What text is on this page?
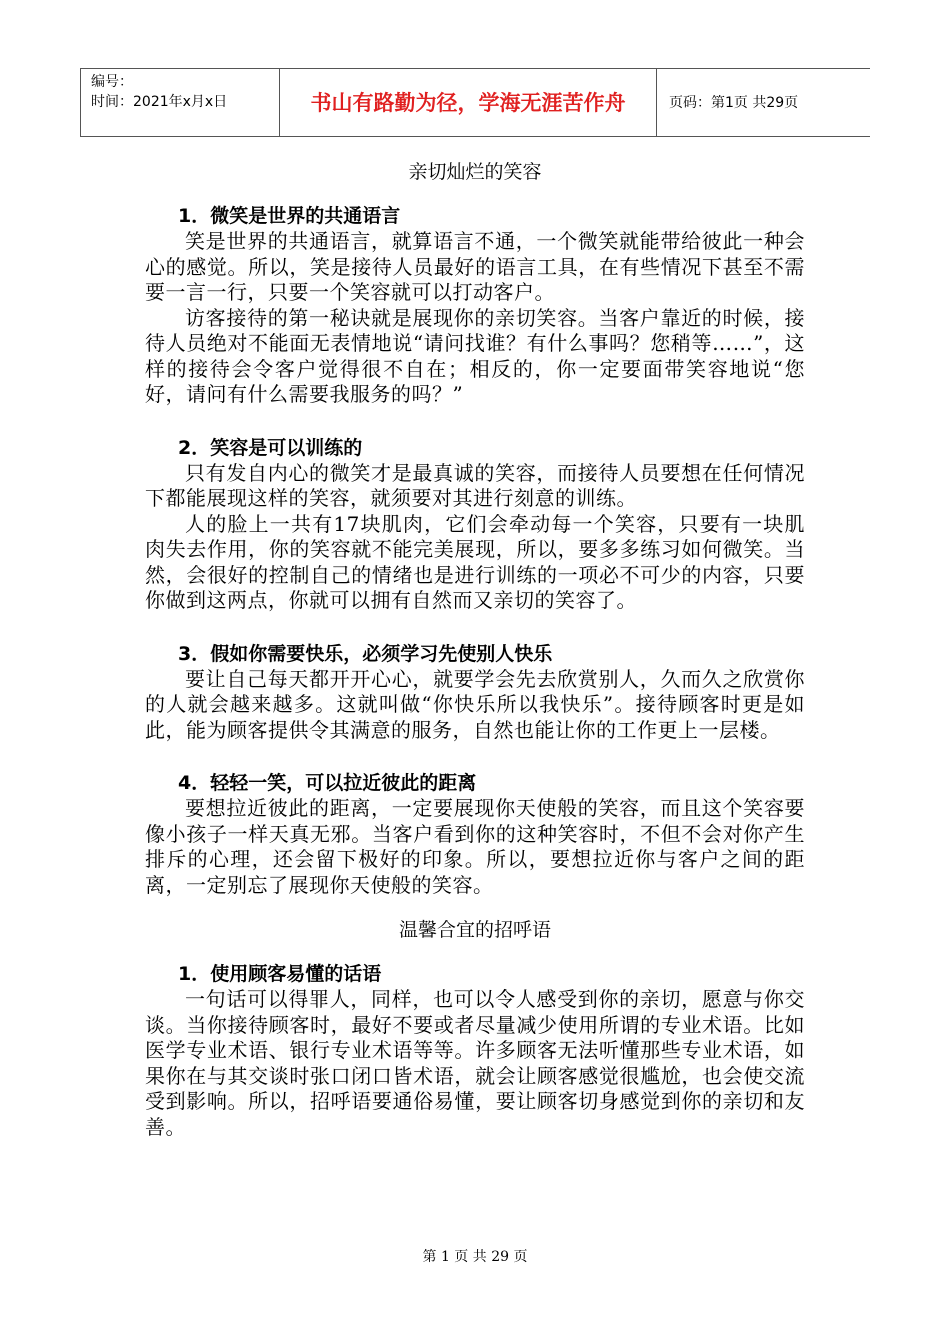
编号：
时间：2021年x月x日	书山有路勤为径，学海无涯苦作舟	页码：第1页 共29页
亲切灿烂的笑容
1．微笑是世界的共通语言

笑是世界的共通语言，就算语言不通，一个微笑就能带给彼此一种会心的感觉。所以，笑是接待人员最好的语言工具，在有些情况下甚至不需要一言一行，只要一个笑容就可以打动客户。

访客接待的第一秘诀就是展现你的亲切笑容。当客户靠近的时候，接待人员绝对不能面无表情地说“请问找谁？有什么事吗？您稍等……”，这样的接待会令客户觉得很不自在；相反的，你一定要面带笑容地说“您好，请问有什么需要我服务的吗？”

2．笑容是可以训练的

只有发自内心的微笑才是最真诚的笑容，而接待人员要想在任何情况下都能展现这样的笑容，就须要对其进行刻意的训练。

人的脸上一共有17块肌肉，它们会牵动每一个笑容，只要有一块肌肉失去作用，你的笑容就不能完美展现，所以，要多多练习如何微笑。当然，会很好的控制自己的情绪也是进行训练的一项必不可少的内容，只要你做到这两点，你就可以拥有自然而又亲切的笑容了。

3．假如你需要快乐，必须学习先使别人快乐

要让自己每天都开开心心，就要学会先去欣赏别人，久而久之欣赏你的人就会越来越多。这就叫做“你快乐所以我快乐”。接待顾客时更是如此，能为顾客提供令其满意的服务，自然也能让你的工作更上一层楼。

4．轻轻一笑，可以拉近彼此的距离

要想拉近彼此的距离，一定要展现你天使般的笑容，而且这个笑容要像小孩子一样天真无邪。当客户看到你的这种笑容时，不但不会对你产生排斥的心理，还会留下极好的印象。所以，要想拉近你与客户之间的距离，一定别忘了展现你天使般的笑容。

温馨合宜的招呼语
1．使用顾客易懂的话语

一句话可以得罪人，同样，也可以令人感受到你的亲切，愿意与你交谈。当你接待顾客时，最好不要或者尽量减少使用所谓的专业术语。比如医学专业术语、银行专业术语等等。许多顾客无法听懂那些专业术语，如果你在与其交谈时张口闭口皆术语，就会让顾客感觉很尴尬，也会使交流受到影响。所以，招呼语要通俗易懂，要让顾客切身感觉到你的亲切和友善。

第 1 页 共 29 页
